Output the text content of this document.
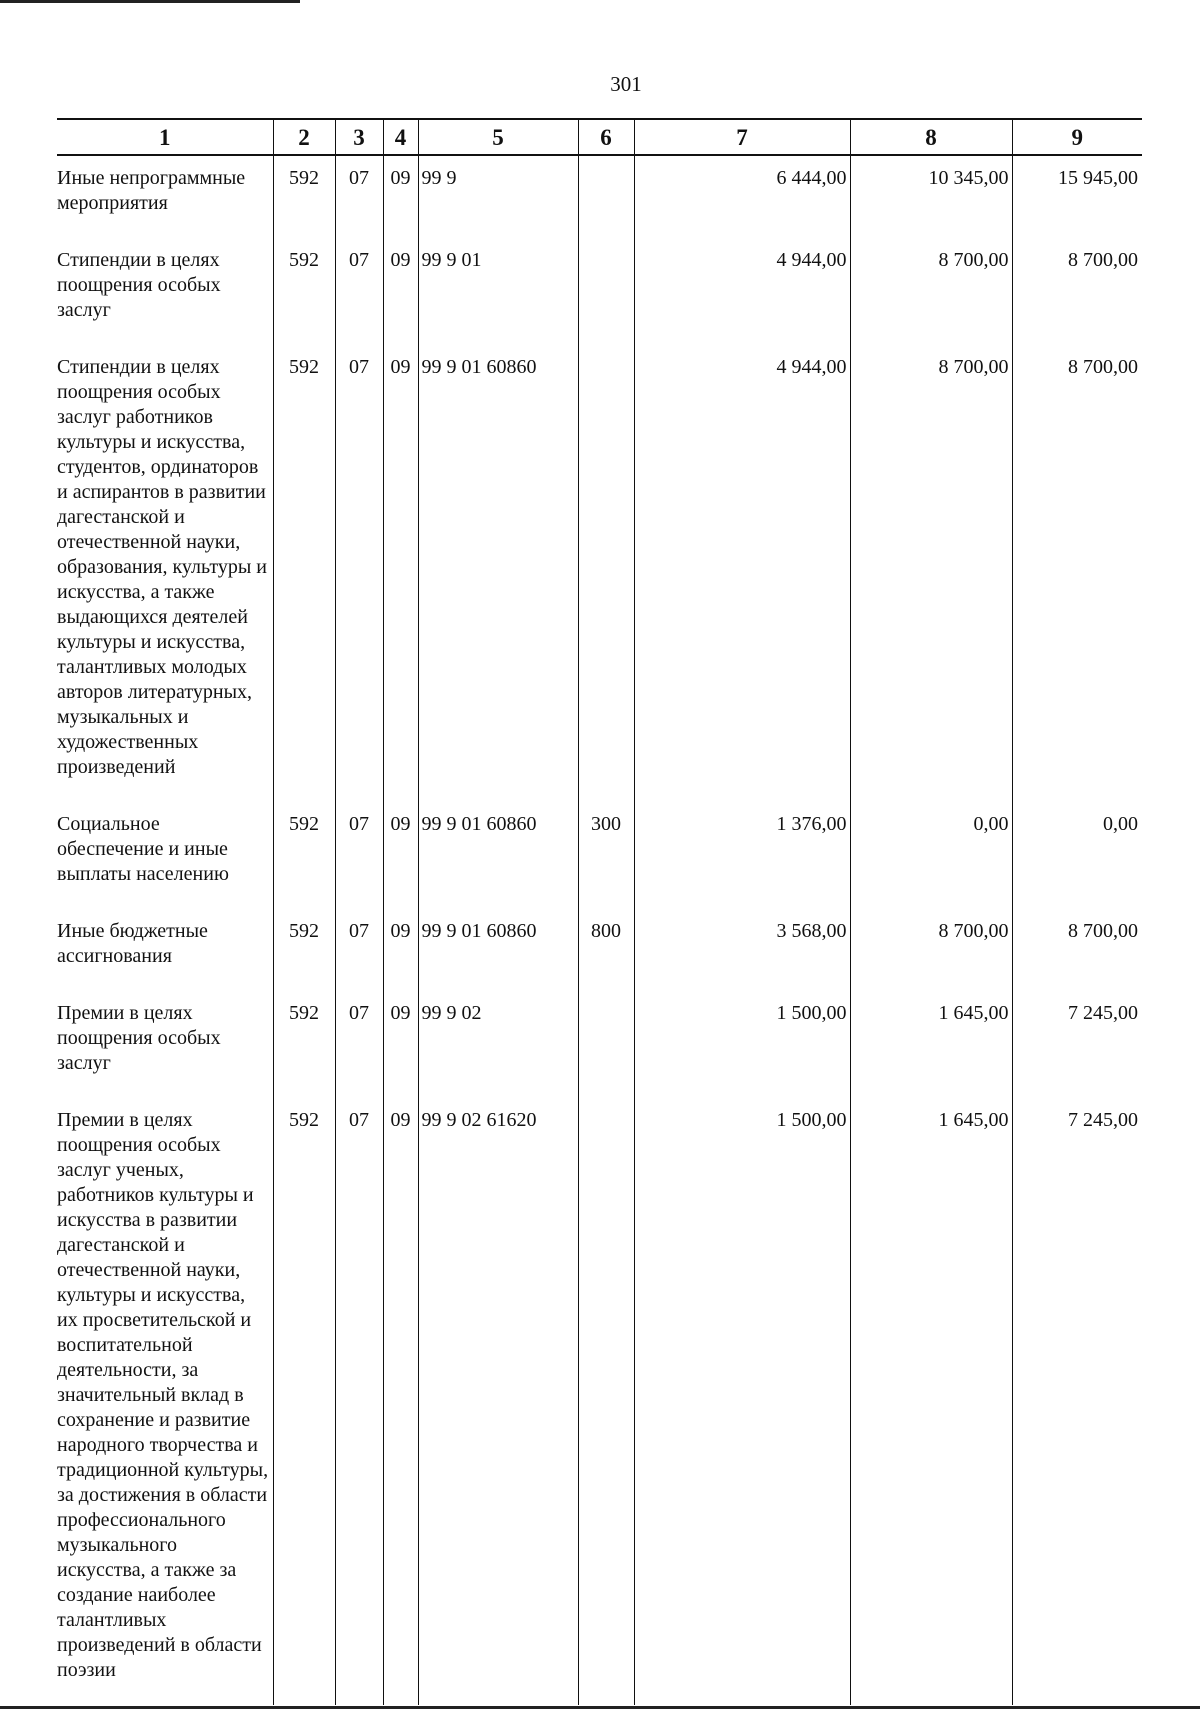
301
1	2	3	4	5	6	7	8	9
Иные непрограммные мероприятия	592	07	09	99 9		6 444,00	10 345,00	15 945,00
Стипендии в целях поощрения особых заслуг	592	07	09	99 9 01		4 944,00	8 700,00	8 700,00
Стипендии в целях поощрения особых заслуг работников культуры и искусства, студентов, ординаторов и аспирантов в развитии дагестанской и отечественной науки, образования, культуры и искусства, а также выдающихся деятелей культуры и искусства, талантливых молодых авторов литературных, музыкальных и художественных произведений	592	07	09	99 9 01 60860		4 944,00	8 700,00	8 700,00
Социальное обеспечение и иные выплаты населению	592	07	09	99 9 01 60860	300	1 376,00	0,00	0,00
Иные бюджетные ассигнования	592	07	09	99 9 01 60860	800	3 568,00	8 700,00	8 700,00
Премии в целях поощрения особых заслуг	592	07	09	99 9 02		1 500,00	1 645,00	7 245,00
Премии в целях поощрения особых заслуг ученых, работников культуры и искусства в развитии дагестанской и отечественной науки, культуры и искусства, их просветительской и воспитательной деятельности, за значительный вклад в сохранение и развитие народного творчества и традиционной культуры, за достижения в области профессионального музыкального искусства, а также за создание наиболее талантливых произведений в области поэзии	592	07	09	99 9 02 61620		1 500,00	1 645,00	7 245,00
